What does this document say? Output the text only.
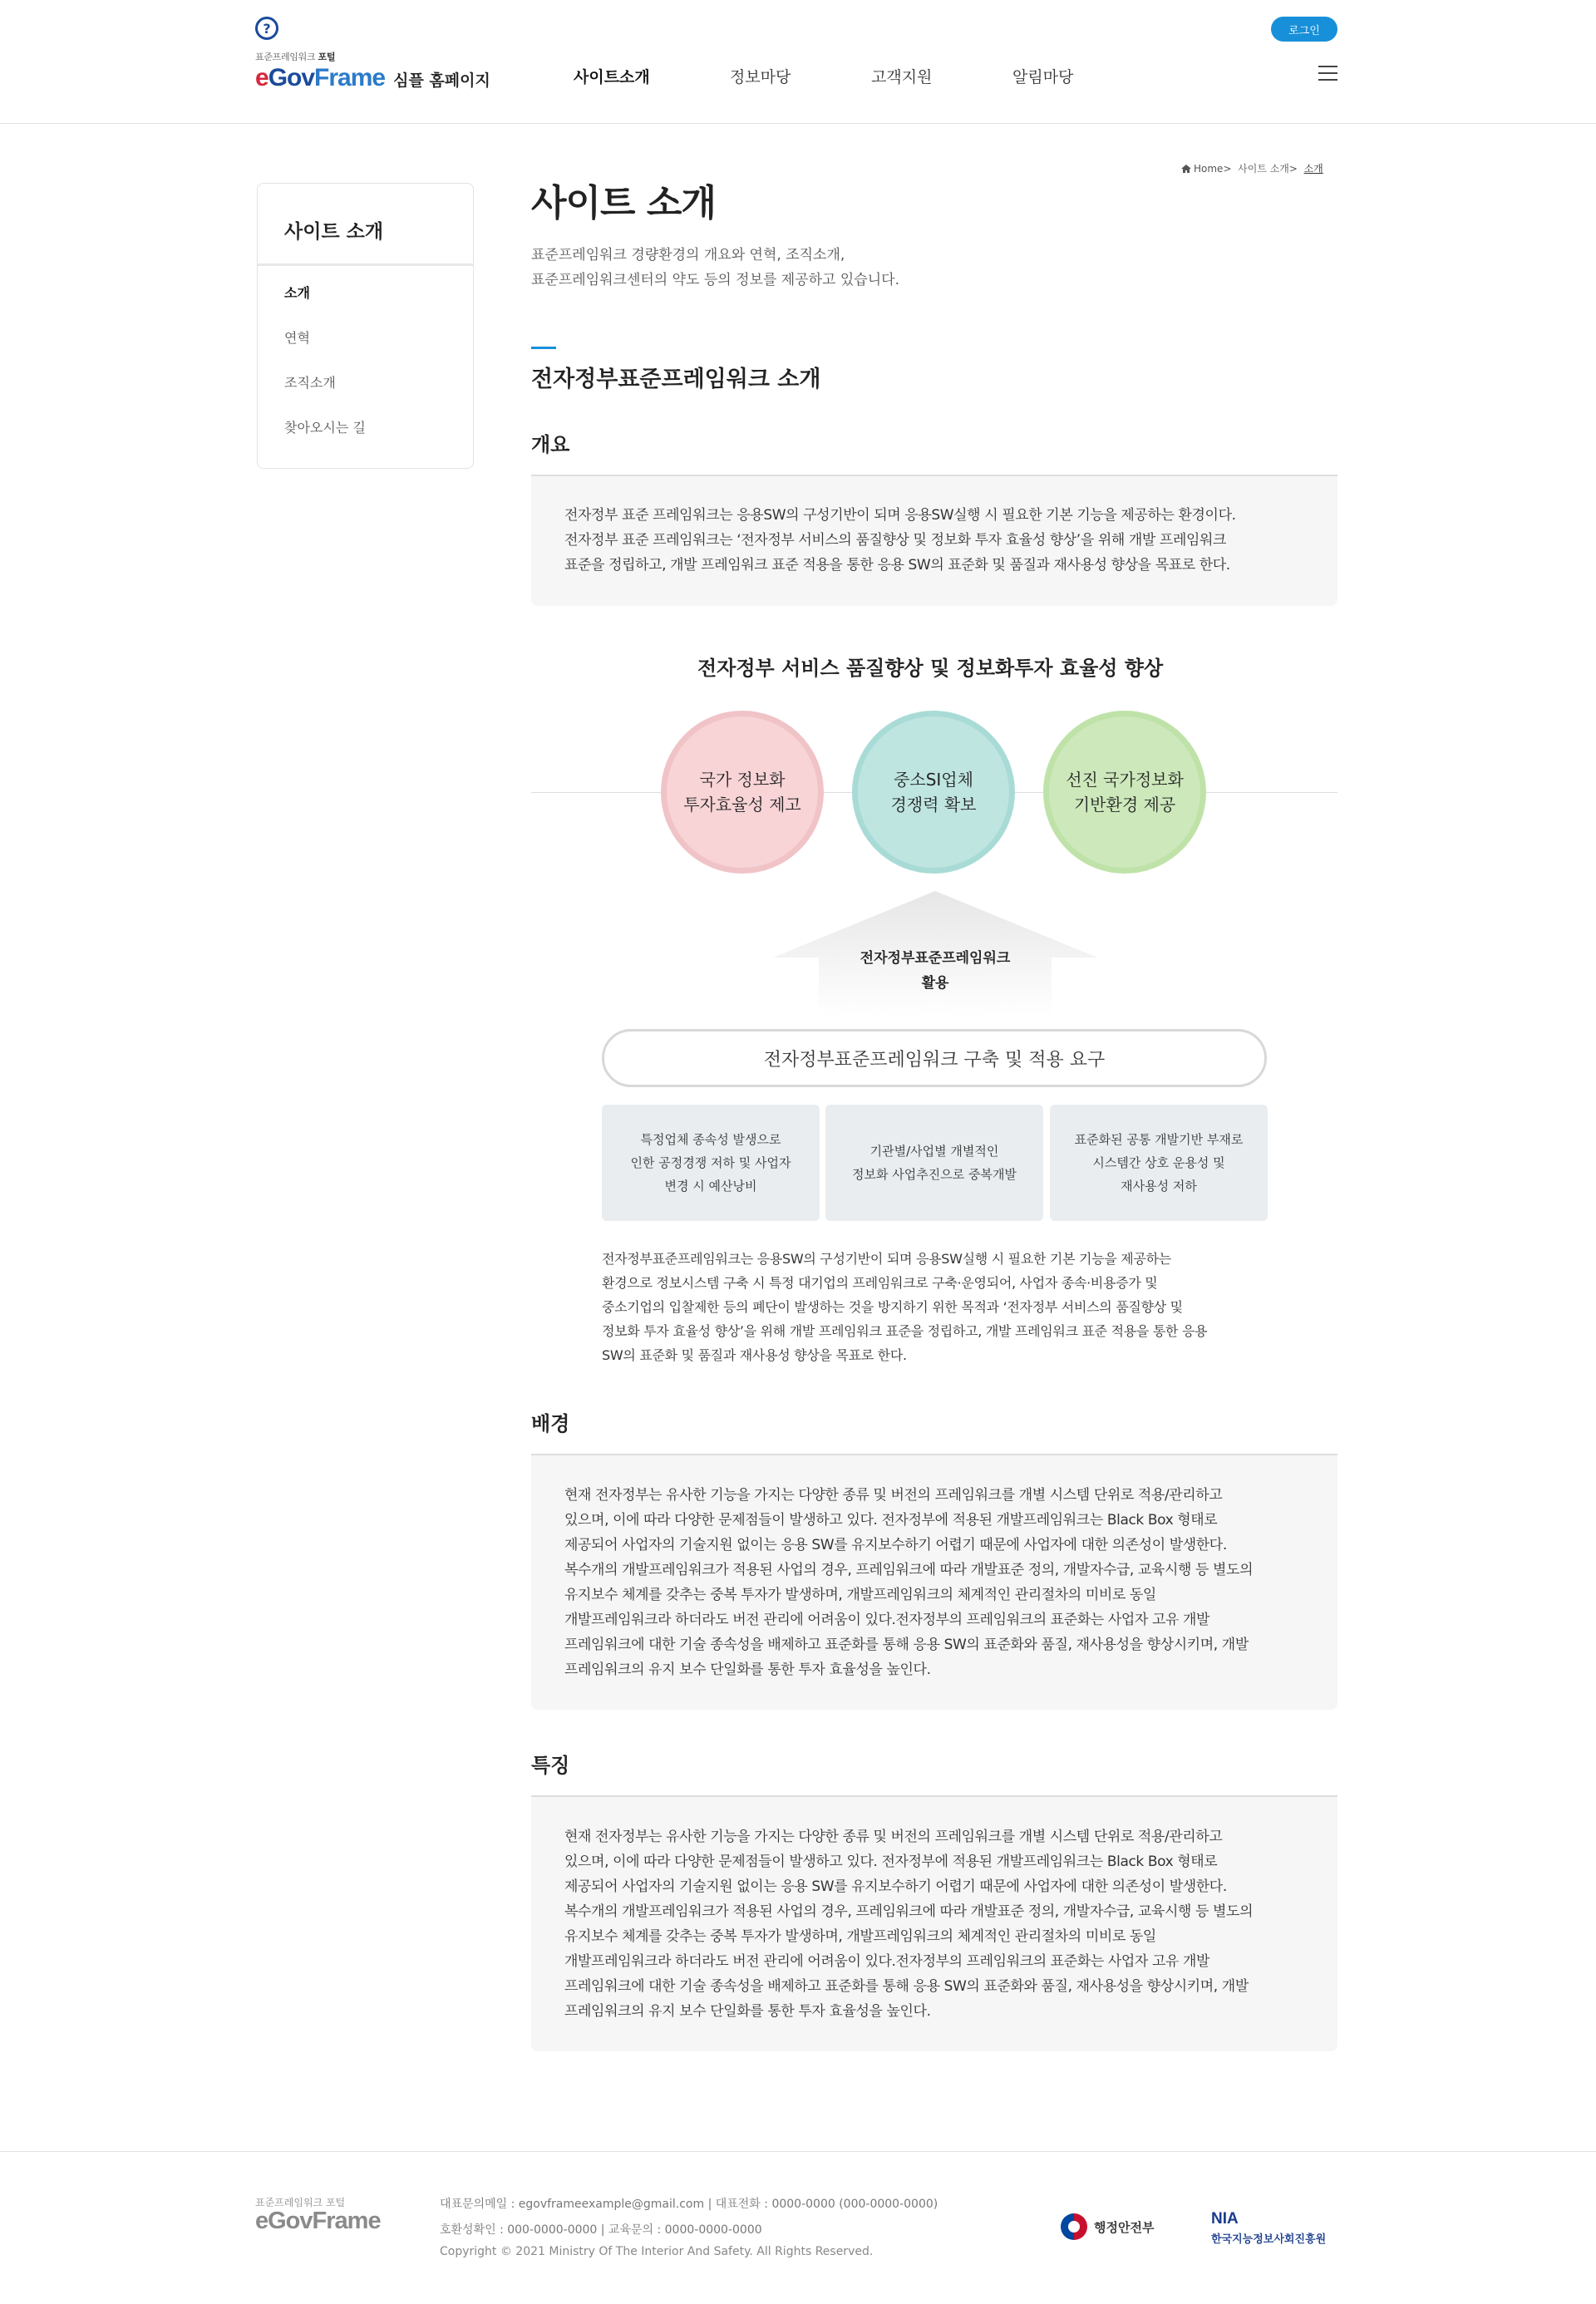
?
표준프레임워크 포털
e Gov Frame 심플 홈페이지	사이트소개	정보마당	고객지원	알림마당
로그인
사이트 소개
소개
연혁
조직소개
찾아오시는 길
Home>  사이트 소개>  소개
사이트 소개
표준프레임워크 경량환경의 개요와 연혁, 조직소개,
표준프레임워크센터의 약도 등의 정보를 제공하고 있습니다.
전자정부표준프레임워크 소개
개요

전자정부 표준 프레임워크는 응용SW의 구성기반이 되며 응용SW실행 시 필요한 기본 기능을 제공하는 환경이다.

전자정부 표준 프레임워크는 ‘전자정부 서비스의 품질향상 및 정보화 투자 효율성 향상’을 위해 개발 프레임워크

표준을 정립하고, 개발 프레임워크 표준 적용을 통한 응용 SW의 표준화 및 품질과 재사용성 향상을 목표로 한다.

전자정부 서비스 품질향상 및 정보화투자 효율성 향상
국가 정보화
투자효율성 제고
중소SI업체
경쟁력 확보
선진 국가정보화
기반환경 제공
전자정부표준프레임워크
활용
전자정부표준프레임워크 구축 및 적용 요구
특정업체 종속성 발생으로
인한 공정경쟁 저하 및 사업자
변경 시 예산낭비
기관별/사업별 개별적인
정보화 사업추진으로 중복개발
표준화된 공통 개발기반 부재로
시스템간 상호 운용성 및
재사용성 저하
전자정부표준프레임워크는 응용SW의 구성기반이 되며 응용SW실행 시 필요한 기본 기능을 제공하는
환경으로 정보시스템 구축 시 특정 대기업의 프레임워크로 구축·운영되어, 사업자 종속·비용증가 및
중소기업의 입찰제한 등의 폐단이 발생하는 것을 방지하기 위한 목적과 ‘전자정부 서비스의 품질향상 및
정보화 투자 효율성 향상’을 위해 개발 프레임워크 표준을 정립하고, 개발 프레임워크 표준 적용을 통한 응용
SW의 표준화 및 품질과 재사용성 향상을 목표로 한다.
배경

현재 전자정부는 유사한 기능을 가지는 다양한 종류 및 버전의 프레임워크를 개별 시스템 단위로 적용/관리하고

있으며, 이에 따라 다양한 문제점들이 발생하고 있다. 전자정부에 적용된 개발프레임워크는 Black Box 형태로

제공되어 사업자의 기술지원 없이는 응용 SW를 유지보수하기 어렵기 때문에 사업자에 대한 의존성이 발생한다.

복수개의 개발프레임워크가 적용된 사업의 경우, 프레임워크에 따라 개발표준 정의, 개발자수급, 교육시행 등 별도의

유지보수 체계를 갖추는 중복 투자가 발생하며, 개발프레임워크의 체계적인 관리절차의 미비로 동일

개발프레임워크라 하더라도 버전 관리에 어려움이 있다.전자정부의 프레임워크의 표준화는 사업자 고유 개발

프레임워크에 대한 기술 종속성을 배제하고 표준화를 통해 응용 SW의 표준화와 품질, 재사용성을 향상시키며, 개발

프레임워크의 유지 보수 단일화를 통한 투자 효율성을 높인다.

특징

현재 전자정부는 유사한 기능을 가지는 다양한 종류 및 버전의 프레임워크를 개별 시스템 단위로 적용/관리하고

있으며, 이에 따라 다양한 문제점들이 발생하고 있다. 전자정부에 적용된 개발프레임워크는 Black Box 형태로

제공되어 사업자의 기술지원 없이는 응용 SW를 유지보수하기 어렵기 때문에 사업자에 대한 의존성이 발생한다.

복수개의 개발프레임워크가 적용된 사업의 경우, 프레임워크에 따라 개발표준 정의, 개발자수급, 교육시행 등 별도의

유지보수 체계를 갖추는 중복 투자가 발생하며, 개발프레임워크의 체계적인 관리절차의 미비로 동일

개발프레임워크라 하더라도 버전 관리에 어려움이 있다.전자정부의 프레임워크의 표준화는 사업자 고유 개발

프레임워크에 대한 기술 종속성을 배제하고 표준화를 통해 응용 SW의 표준화와 품질, 재사용성을 향상시키며, 개발

프레임워크의 유지 보수 단일화를 통한 투자 효율성을 높인다.

표준프레임워크 포털
eGovFrame
대표문의메일 : egovframeexample@gmail.com | 대표전화 : 0000-0000 (000-0000-0000)
호환성확인 : 000-0000-0000 | 교육문의 : 0000-0000-0000
Copyright © 2021 Ministry Of The Interior And Safety. All Rights Reserved.
행정안전부	NIA
한국지능정보사회진흥원
